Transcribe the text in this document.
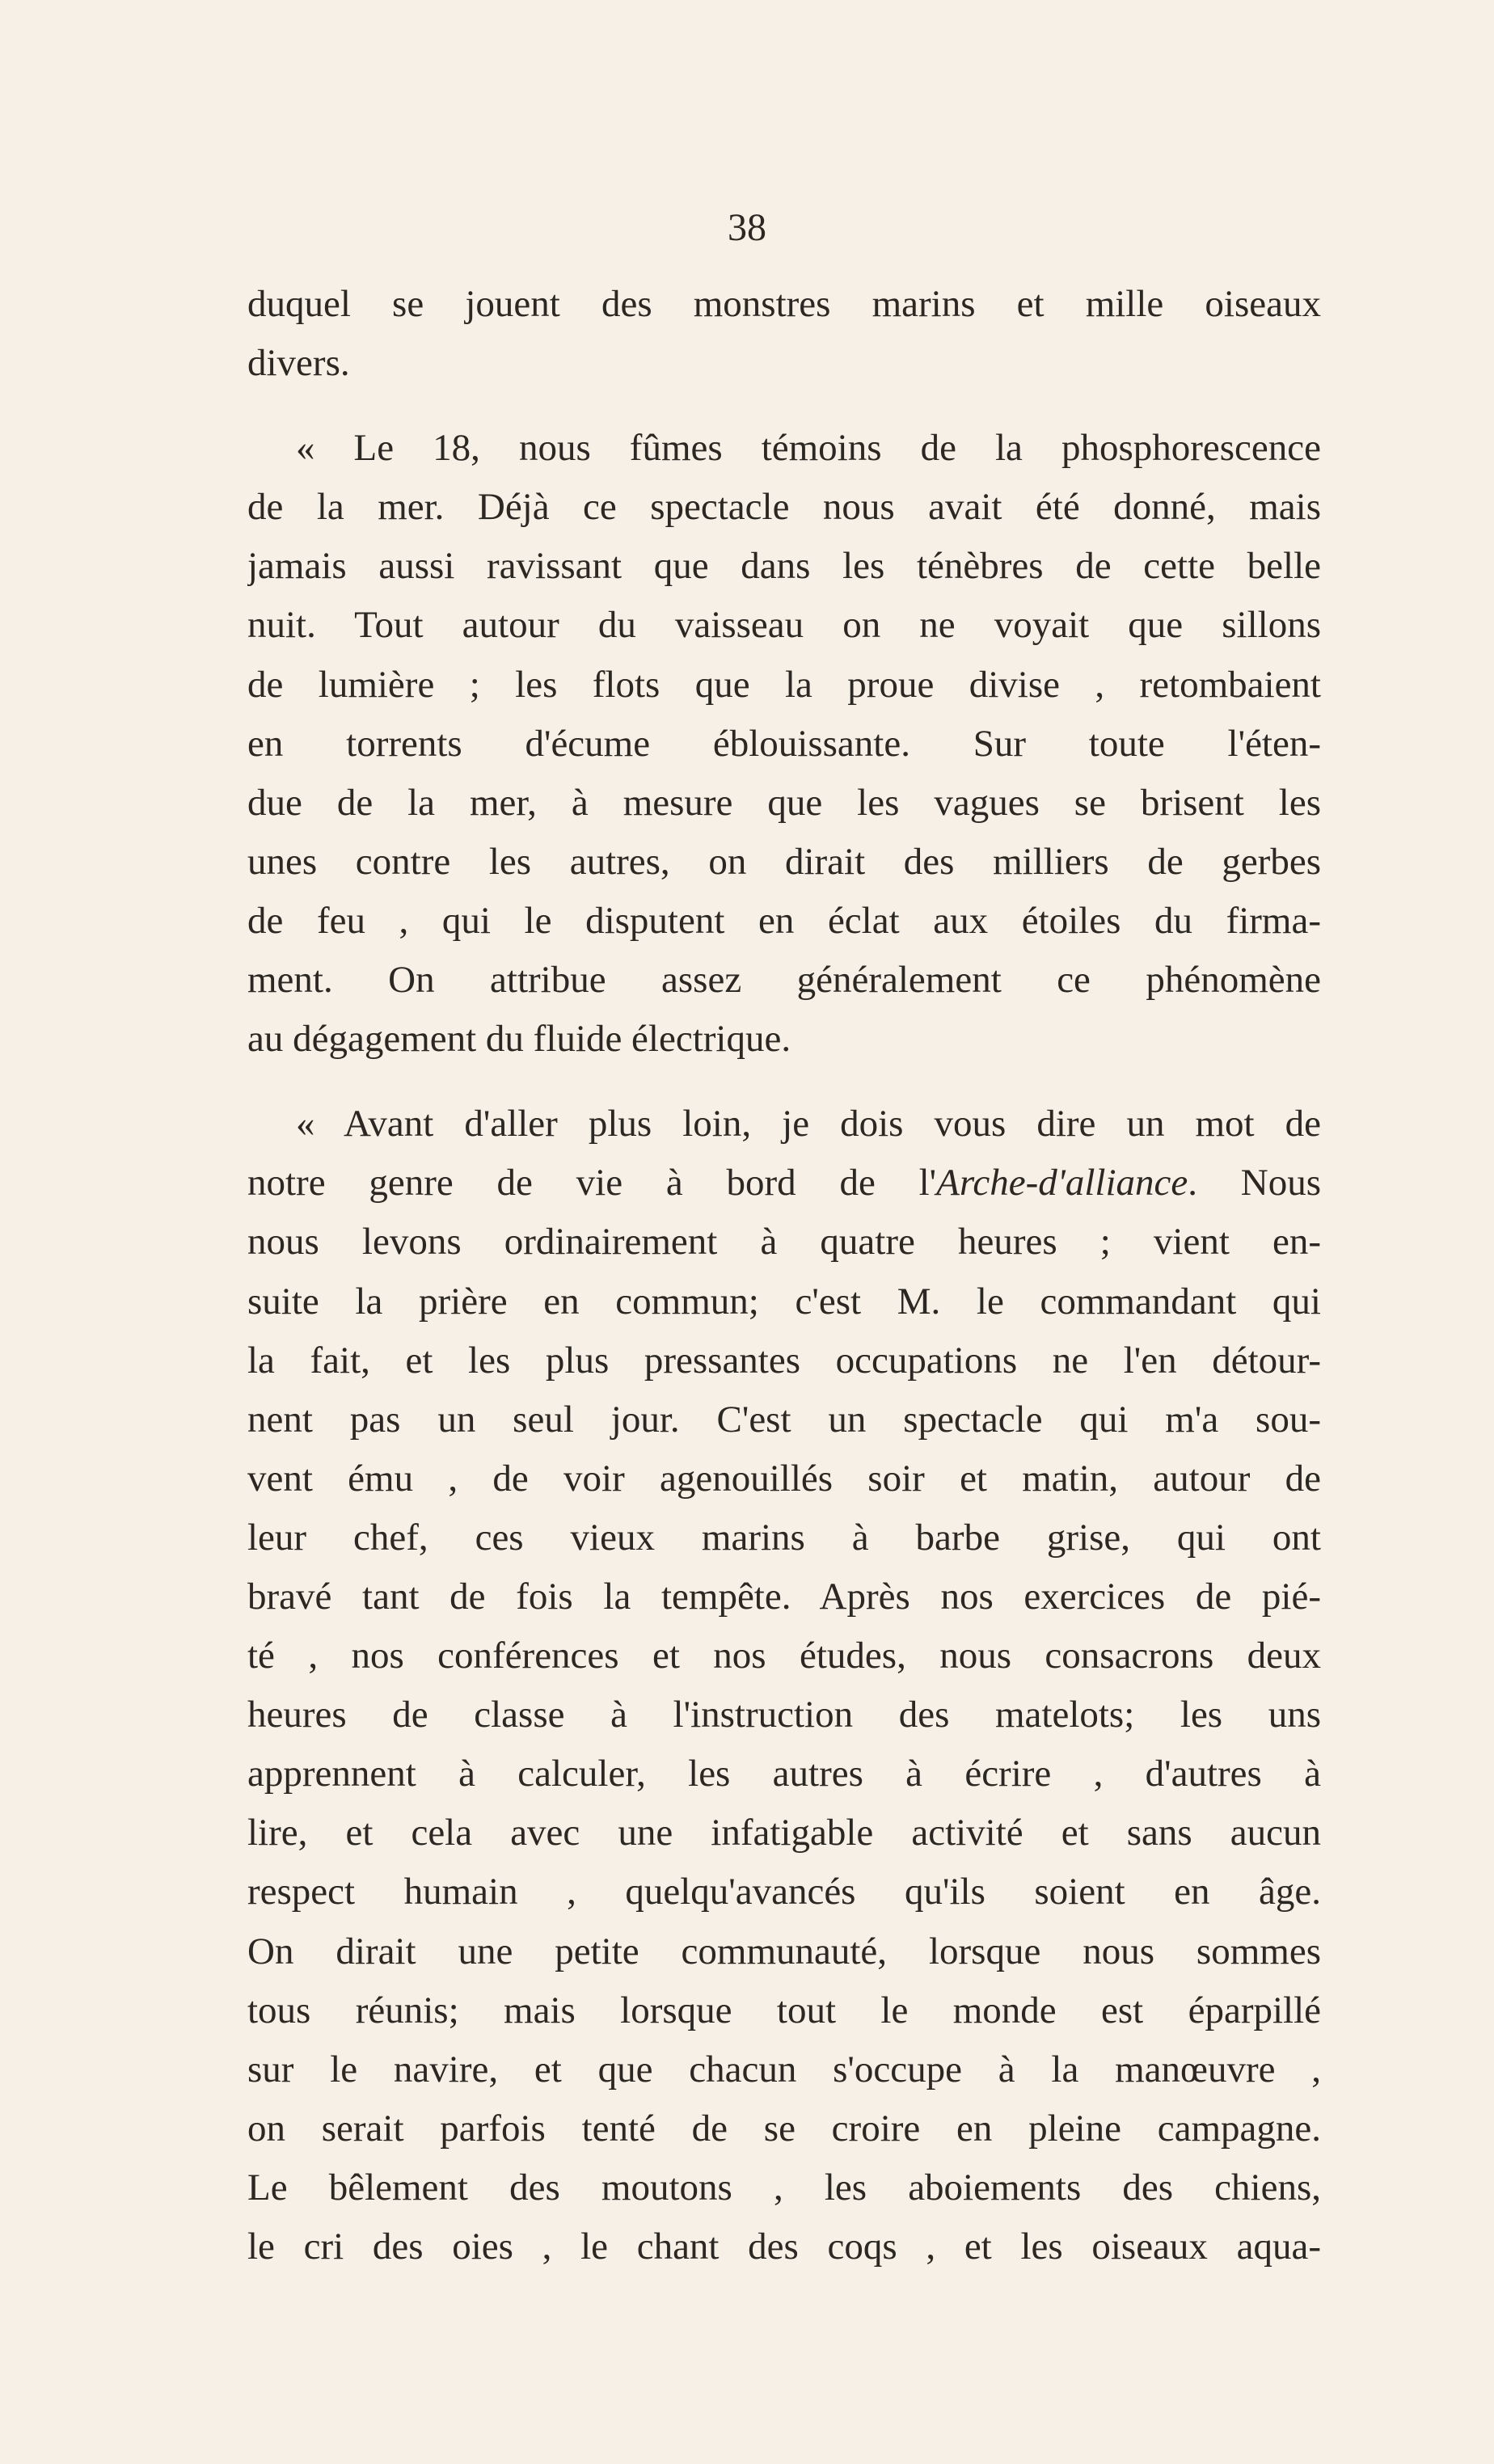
38
duquel se jouent des monstres marins et mille oiseaux
divers.
« Le 18, nous fûmes témoins de la phosphorescence
de la mer. Déjà ce spectacle nous avait été donné, mais
jamais aussi ravissant que dans les ténèbres de cette belle
nuit. Tout autour du vaisseau on ne voyait que sillons
de lumière ; les flots que la proue divise , retombaient
en torrents d'écume éblouissante. Sur toute l'éten-
due de la mer, à mesure que les vagues se brisent les
unes contre les autres, on dirait des milliers de gerbes
de feu , qui le disputent en éclat aux étoiles du firma-
ment. On attribue assez généralement ce phénomène
au dégagement du fluide électrique.
« Avant d'aller plus loin, je dois vous dire un mot de
notre genre de vie à bord de l'Arche-d'alliance. Nous
nous levons ordinairement à quatre heures ; vient en-
suite la prière en commun; c'est M. le commandant qui
la fait, et les plus pressantes occupations ne l'en détour-
nent pas un seul jour. C'est un spectacle qui m'a sou-
vent ému , de voir agenouillés soir et matin, autour de
leur chef, ces vieux marins à barbe grise, qui ont
bravé tant de fois la tempête. Après nos exercices de pié-
té , nos conférences et nos études, nous consacrons deux
heures de classe à l'instruction des matelots; les uns
apprennent à calculer, les autres à écrire , d'autres à
lire, et cela avec une infatigable activité et sans aucun
respect humain , quelqu'avancés qu'ils soient en âge.
On dirait une petite communauté, lorsque nous sommes
tous réunis; mais lorsque tout le monde est éparpillé
sur le navire, et que chacun s'occupe à la manœuvre ,
on serait parfois tenté de se croire en pleine campagne.
Le bêlement des moutons , les aboiements des chiens,
le cri des oies , le chant des coqs , et les oiseaux aqua-
